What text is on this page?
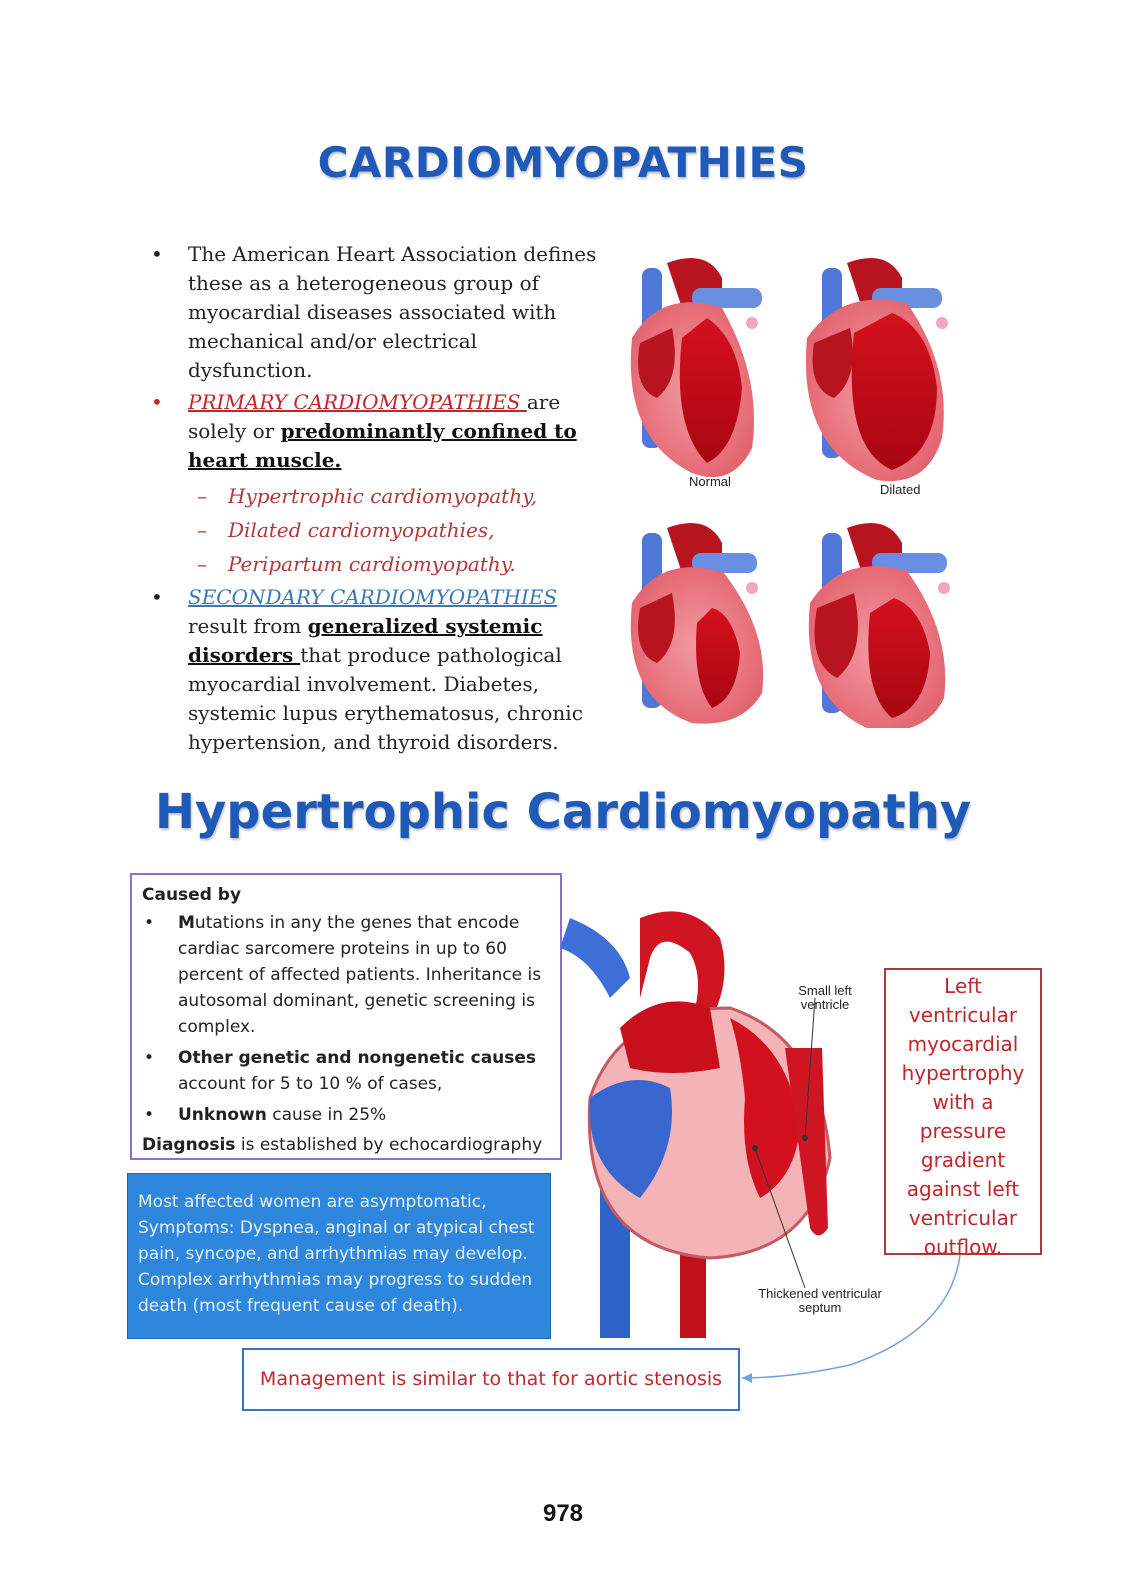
CARDIOMYOPATHIES
• The American Heart Association defines these as a heterogeneous group of myocardial diseases associated with mechanical and/or electrical dysfunction.
• PRIMARY CARDIOMYOPATHIES are solely or predominantly confined to heart muscle.
– Hypertrophic cardiomyopathy,
– Dilated cardiomyopathies,
– Peripartum cardiomyopathy.
• SECONDARY CARDIOMYOPATHIES
result from generalized systemic disorders that produce pathological myocardial involvement. Diabetes, systemic lupus erythematosus, chronic hypertension, and thyroid disorders.
Normal
Dilated
Hypertrophic Cardiomyopathy
Caused by
• Mutations in any the genes that encode cardiac sarcomere proteins in up to 60 percent of affected patients. Inheritance is autosomal dominant, genetic screening is complex.
• Other genetic and nongenetic causes account for 5 to 10 % of cases,
• Unknown cause in 25%
Diagnosis is established by echocardiography
Most affected women are asymptomatic, Symptoms: Dyspnea, anginal or atypical chest pain, syncope, and arrhythmias may develop. Complex arrhythmias may progress to sudden death (most frequent cause of death).
Small left ventricle
Thickened ventricular septum
Left ventricular myocardial hypertrophy with a pressure gradient against left ventricular outflow.
Management is similar to that for aortic stenosis
978
